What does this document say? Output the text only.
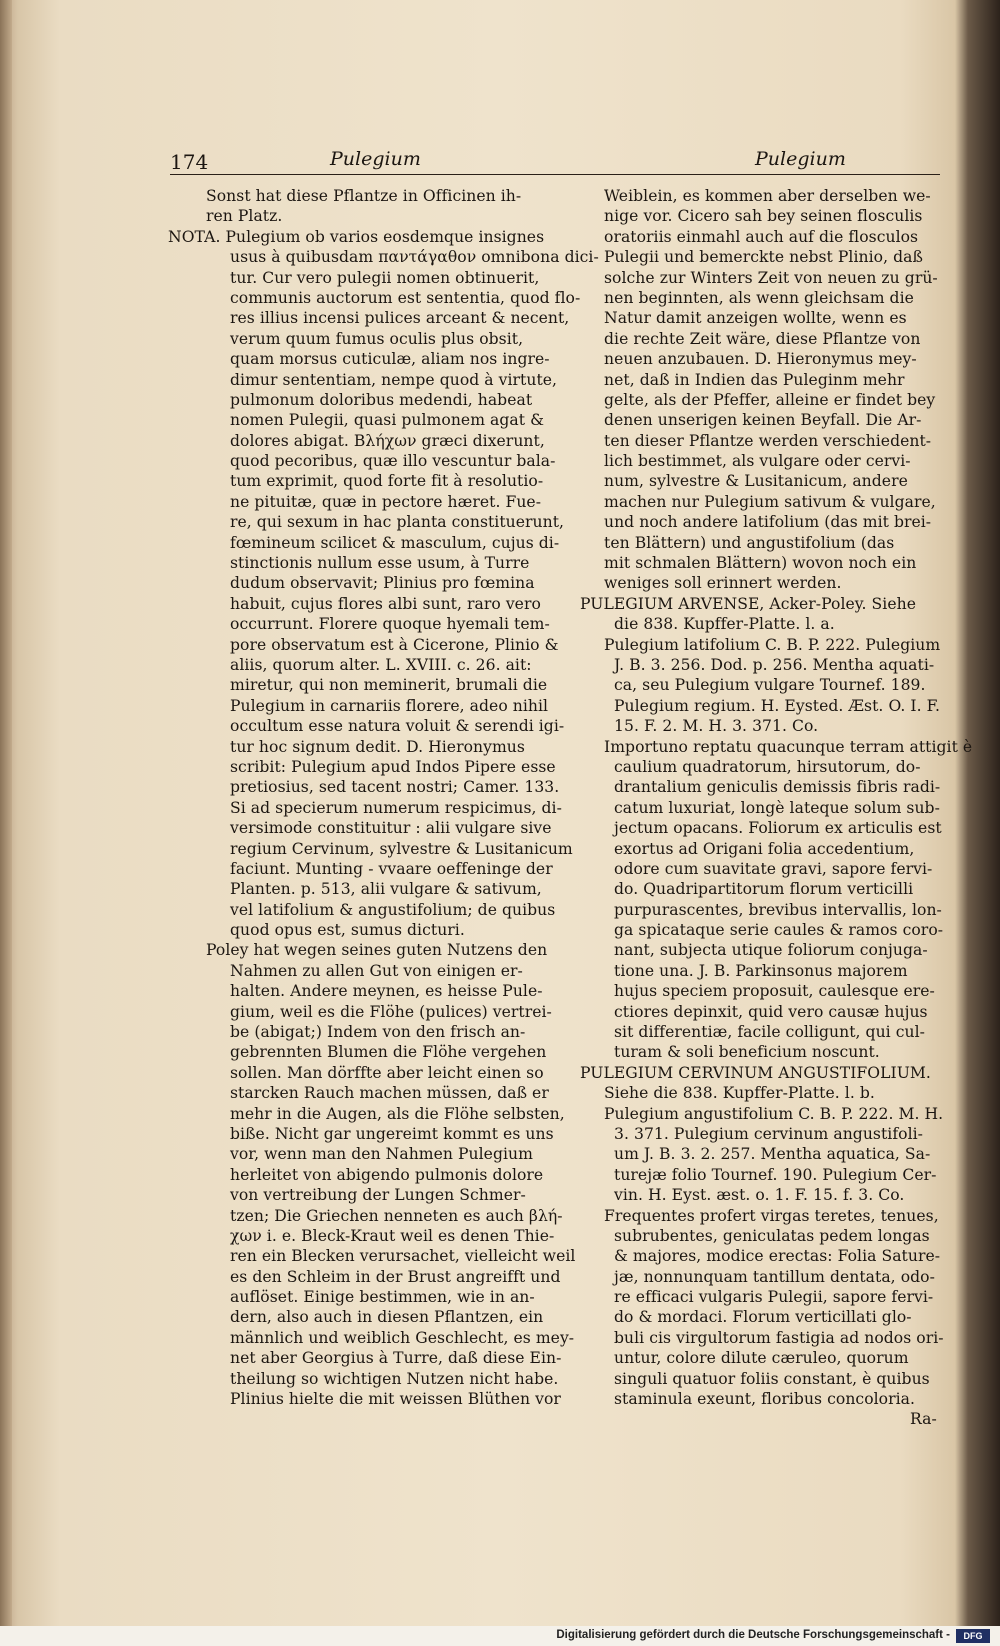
174	Pulegium	Pulegium
Sonst hat diese Pflantze in Officinen ih-
ren Platz.
NOTA. Pulegium ob varios eosdemque insignes
usus à quibusdam παντάγαθον omnibona dici-
tur. Cur vero pulegii nomen obtinuerit,
communis auctorum est sententia, quod flo-
res illius incensi pulices arceant & necent,
verum quum fumus oculis plus obsit,
quam morsus cuticulæ, aliam nos ingre-
dimur sententiam, nempe quod à virtute,
pulmonum doloribus medendi, habeat
nomen Pulegii, quasi pulmonem agat &
dolores abigat. Βλήχων græci dixerunt,
quod pecoribus, quæ illo vescuntur bala-
tum exprimit, quod forte fit à resolutio-
ne pituitæ, quæ in pectore hæret. Fue-
re, qui sexum in hac planta constituerunt,
fœmineum scilicet & masculum, cujus di-
stinctionis nullum esse usum, à Turre
dudum observavit; Plinius pro fœmina
habuit, cujus flores albi sunt, raro vero
occurrunt. Florere quoque hyemali tem-
pore observatum est à Cicerone, Plinio &
aliis, quorum alter. L. XVIII. c. 26. ait:
miretur, qui non meminerit, brumali die
Pulegium in carnariis florere, adeo nihil
occultum esse natura voluit & serendi igi-
tur hoc signum dedit. D. Hieronymus
scribit: Pulegium apud Indos Pipere esse
pretiosius, sed tacent nostri; Camer. 133.
Si ad specierum numerum respicimus, di-
versimode constituitur : alii vulgare sive
regium Cervinum, sylvestre & Lusitanicum
faciunt. Munting - vvaare oeffeninge der
Planten. p. 513, alii vulgare & sativum,
vel latifolium & angustifolium; de quibus
quod opus est, sumus dicturi.
Poley hat wegen seines guten Nutzens den
Nahmen zu allen Gut von einigen er-
halten. Andere meynen, es heisse Pule-
gium, weil es die Flöhe (pulices) vertrei-
be (abigat;) Indem von den frisch an-
gebrennten Blumen die Flöhe vergehen
sollen. Man dörffte aber leicht einen so
starcken Rauch machen müssen, daß er
mehr in die Augen, als die Flöhe selbsten,
biße. Nicht gar ungereimt kommt es uns
vor, wenn man den Nahmen Pulegium
herleitet von abigendo pulmonis dolore
von vertreibung der Lungen Schmer-
tzen; Die Griechen nenneten es auch βλή-
χων i. e. Bleck-Kraut weil es denen Thie-
ren ein Blecken verursachet, vielleicht weil
es den Schleim in der Brust angreifft und
auflöset. Einige bestimmen, wie in an-
dern, also auch in diesen Pflantzen, ein
männlich und weiblich Geschlecht, es mey-
net aber Georgius à Turre, daß diese Ein-
theilung so wichtigen Nutzen nicht habe.
Plinius hielte die mit weissen Blüthen vor
Weiblein, es kommen aber derselben we-
nige vor. Cicero sah bey seinen flosculis
oratoriis einmahl auch auf die flosculos
Pulegii und bemerckte nebst Plinio, daß
solche zur Winters Zeit von neuen zu grü-
nen beginnten, als wenn gleichsam die
Natur damit anzeigen wollte, wenn es
die rechte Zeit wäre, diese Pflantze von
neuen anzubauen. D. Hieronymus mey-
net, daß in Indien das Puleginm mehr
gelte, als der Pfeffer, alleine er findet bey
denen unserigen keinen Beyfall. Die Ar-
ten dieser Pflantze werden verschiedent-
lich bestimmet, als vulgare oder cervi-
num, sylvestre & Lusitanicum, andere
machen nur Pulegium sativum & vulgare,
und noch andere latifolium (das mit brei-
ten Blättern) und angustifolium (das
mit schmalen Blättern) wovon noch ein
weniges soll erinnert werden.
PULEGIUM ARVENSE, Acker-Poley. Siehe
die 838. Kupffer-Platte. l. a.
Pulegium latifolium C. B. P. 222. Pulegium
J. B. 3. 256. Dod. p. 256. Mentha aquati-
ca, seu Pulegium vulgare Tournef. 189.
Pulegium regium. H. Eysted. Æst. O. I. F.
15. F. 2. M. H. 3. 371. Co.
Importuno reptatu quacunque terram attigit è
caulium quadratorum, hirsutorum, do-
drantalium geniculis demissis fibris radi-
catum luxuriat, longè lateque solum sub-
jectum opacans. Foliorum ex articulis est
exortus ad Origani folia accedentium,
odore cum suavitate gravi, sapore fervi-
do. Quadripartitorum florum verticilli
purpurascentes, brevibus intervallis, lon-
ga spicataque serie caules & ramos coro-
nant, subjecta utique foliorum conjuga-
tione una. J. B. Parkinsonus majorem
hujus speciem proposuit, caulesque ere-
ctiores depinxit, quid vero causæ hujus
sit differentiæ, facile colligunt, qui cul-
turam & soli beneficium noscunt.
PULEGIUM CERVINUM ANGUSTIFOLIUM.
Siehe die 838. Kupffer-Platte. l. b.
Pulegium angustifolium C. B. P. 222. M. H.
3. 371. Pulegium cervinum angustifoli-
um J. B. 3. 2. 257. Mentha aquatica, Sa-
tureјæ folio Tournef. 190. Pulegium Cer-
vin. H. Eyst. æst. o. 1. F. 15. f. 3. Co.
Frequentes profert virgas teretes, tenues,
subrubentes, geniculatas pedem longas
& majores, modice erectas: Folia Sature-
jæ, nonnunquam tantillum dentata, odo-
re efficaci vulgaris Pulegii, sapore fervi-
do & mordaci. Florum verticillati glo-
buli cis virgultorum fastigia ad nodos ori-
untur, colore dilute cæruleo, quorum
singuli quatuor foliis constant, è quibus
staminula exeunt, floribus concoloria.
Ra-
Digitalisierung gefördert durch die Deutsche Forschungsgemeinschaft -	DFG
